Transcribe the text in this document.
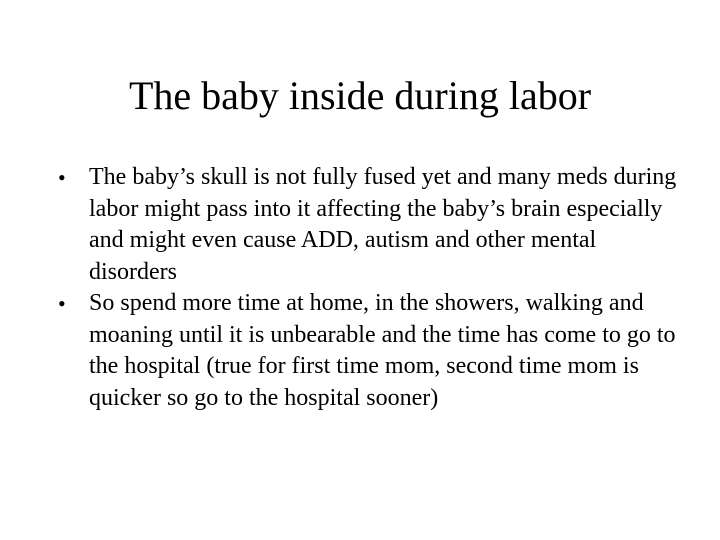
The baby inside during labor
• The baby’s skull is not fully fused yet and many meds during labor might pass into it affecting the baby’s brain especially and might even cause ADD, autism and other mental disorders
• So spend more time at home, in the showers, walking and moaning until it is unbearable and the time has come to go to the hospital (true for first time mom, second time mom is quicker so go to the hospital sooner)
